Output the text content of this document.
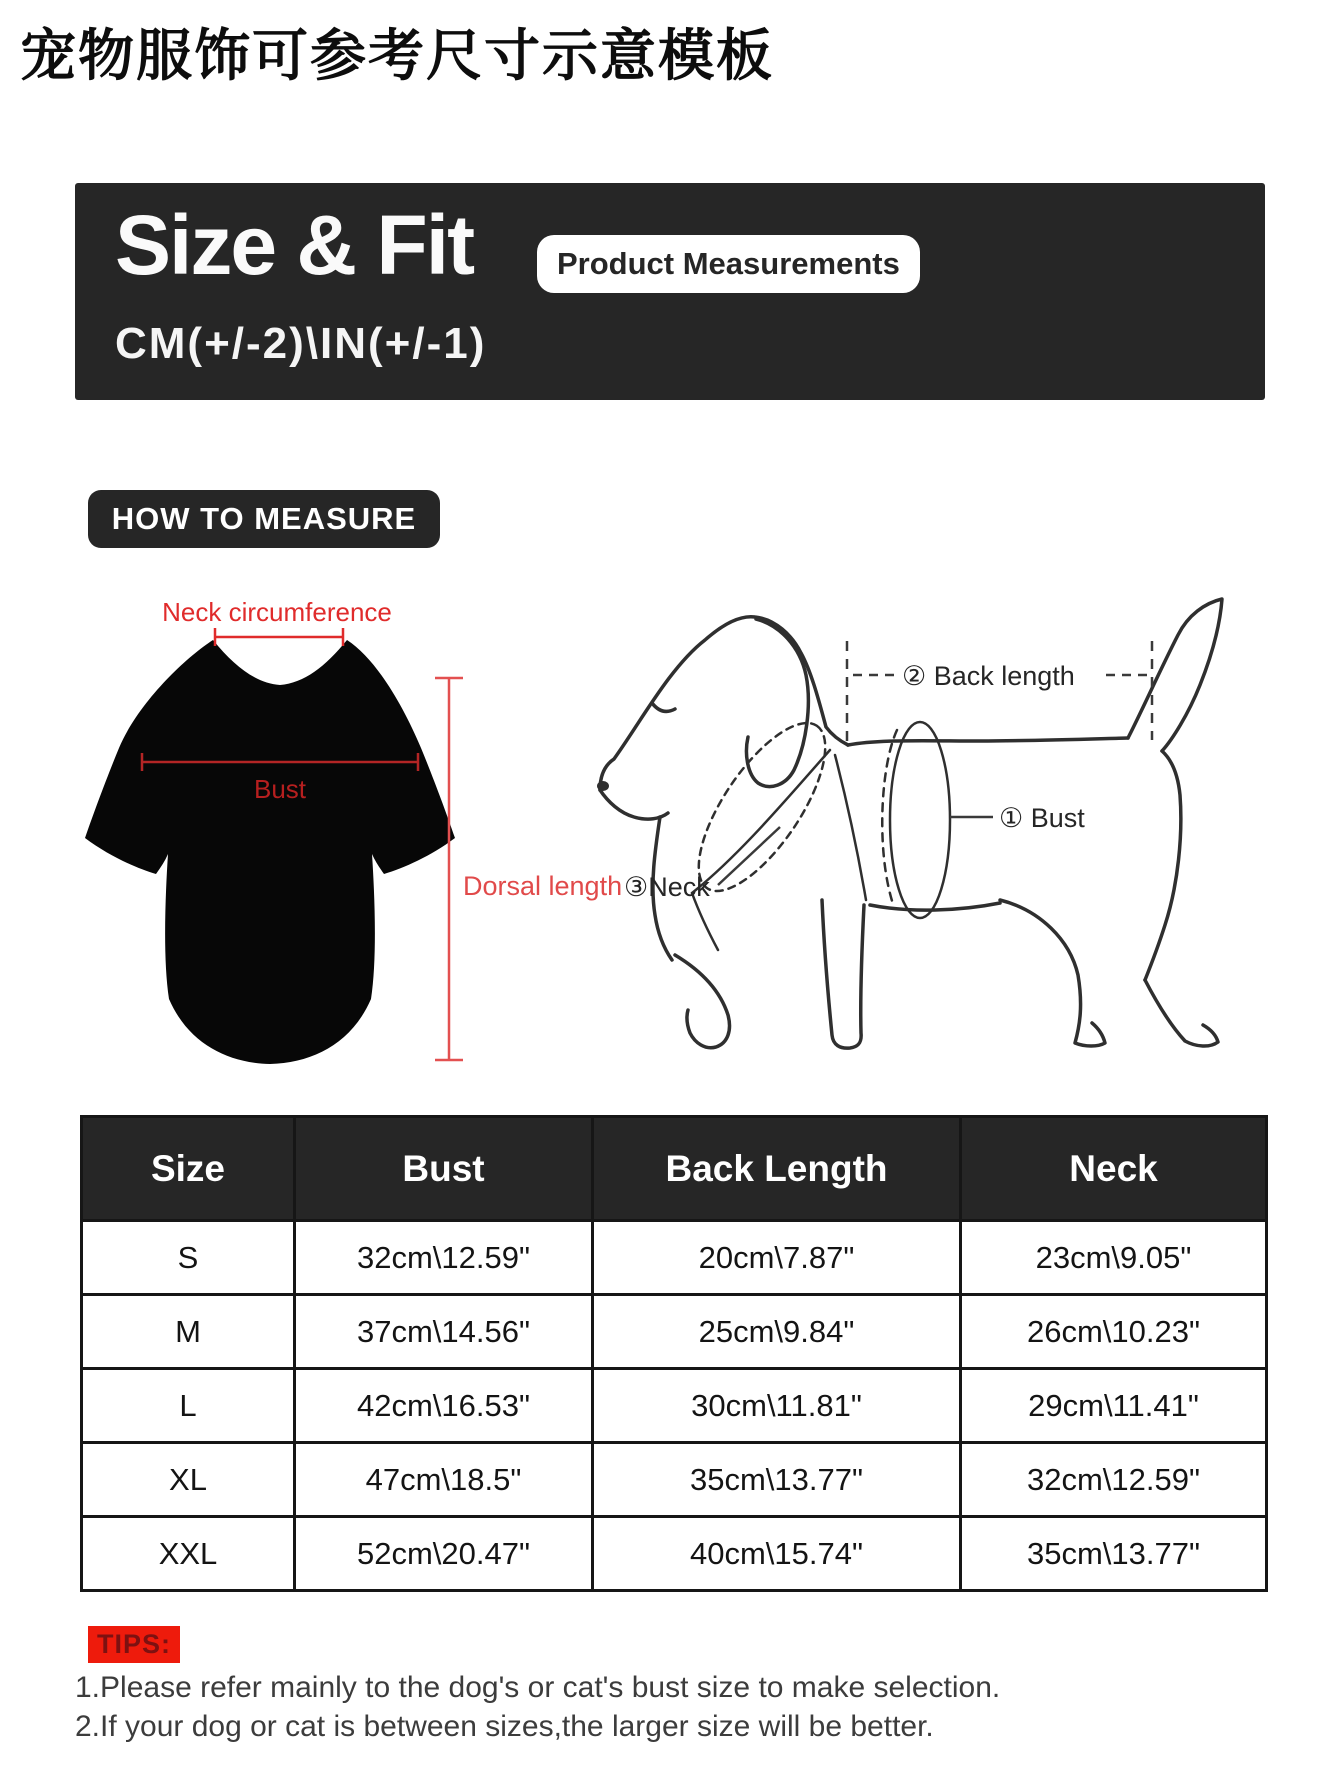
宠物服饰可参考尺寸示意模板
Size & Fit	Product Measurements
CM(+/-2)\IN(+/-1)
HOW TO MEASURE
Neck circumference
Bust
Dorsal length
② Back length
① Bust
③Neck
Size	Bust	Back Length	Neck
S	32cm\12.59"	20cm\7.87"	23cm\9.05"
M	37cm\14.56"	25cm\9.84"	26cm\10.23"
L	42cm\16.53"	30cm\11.81"	29cm\11.41"
XL	47cm\18.5"	35cm\13.77"	32cm\12.59"
XXL	52cm\20.47"	40cm\15.74"	35cm\13.77"
TIPS:
1.Please refer mainly to the dog's or cat's bust size to make selection.
2.If your dog or cat is between sizes,the larger size will be better.
